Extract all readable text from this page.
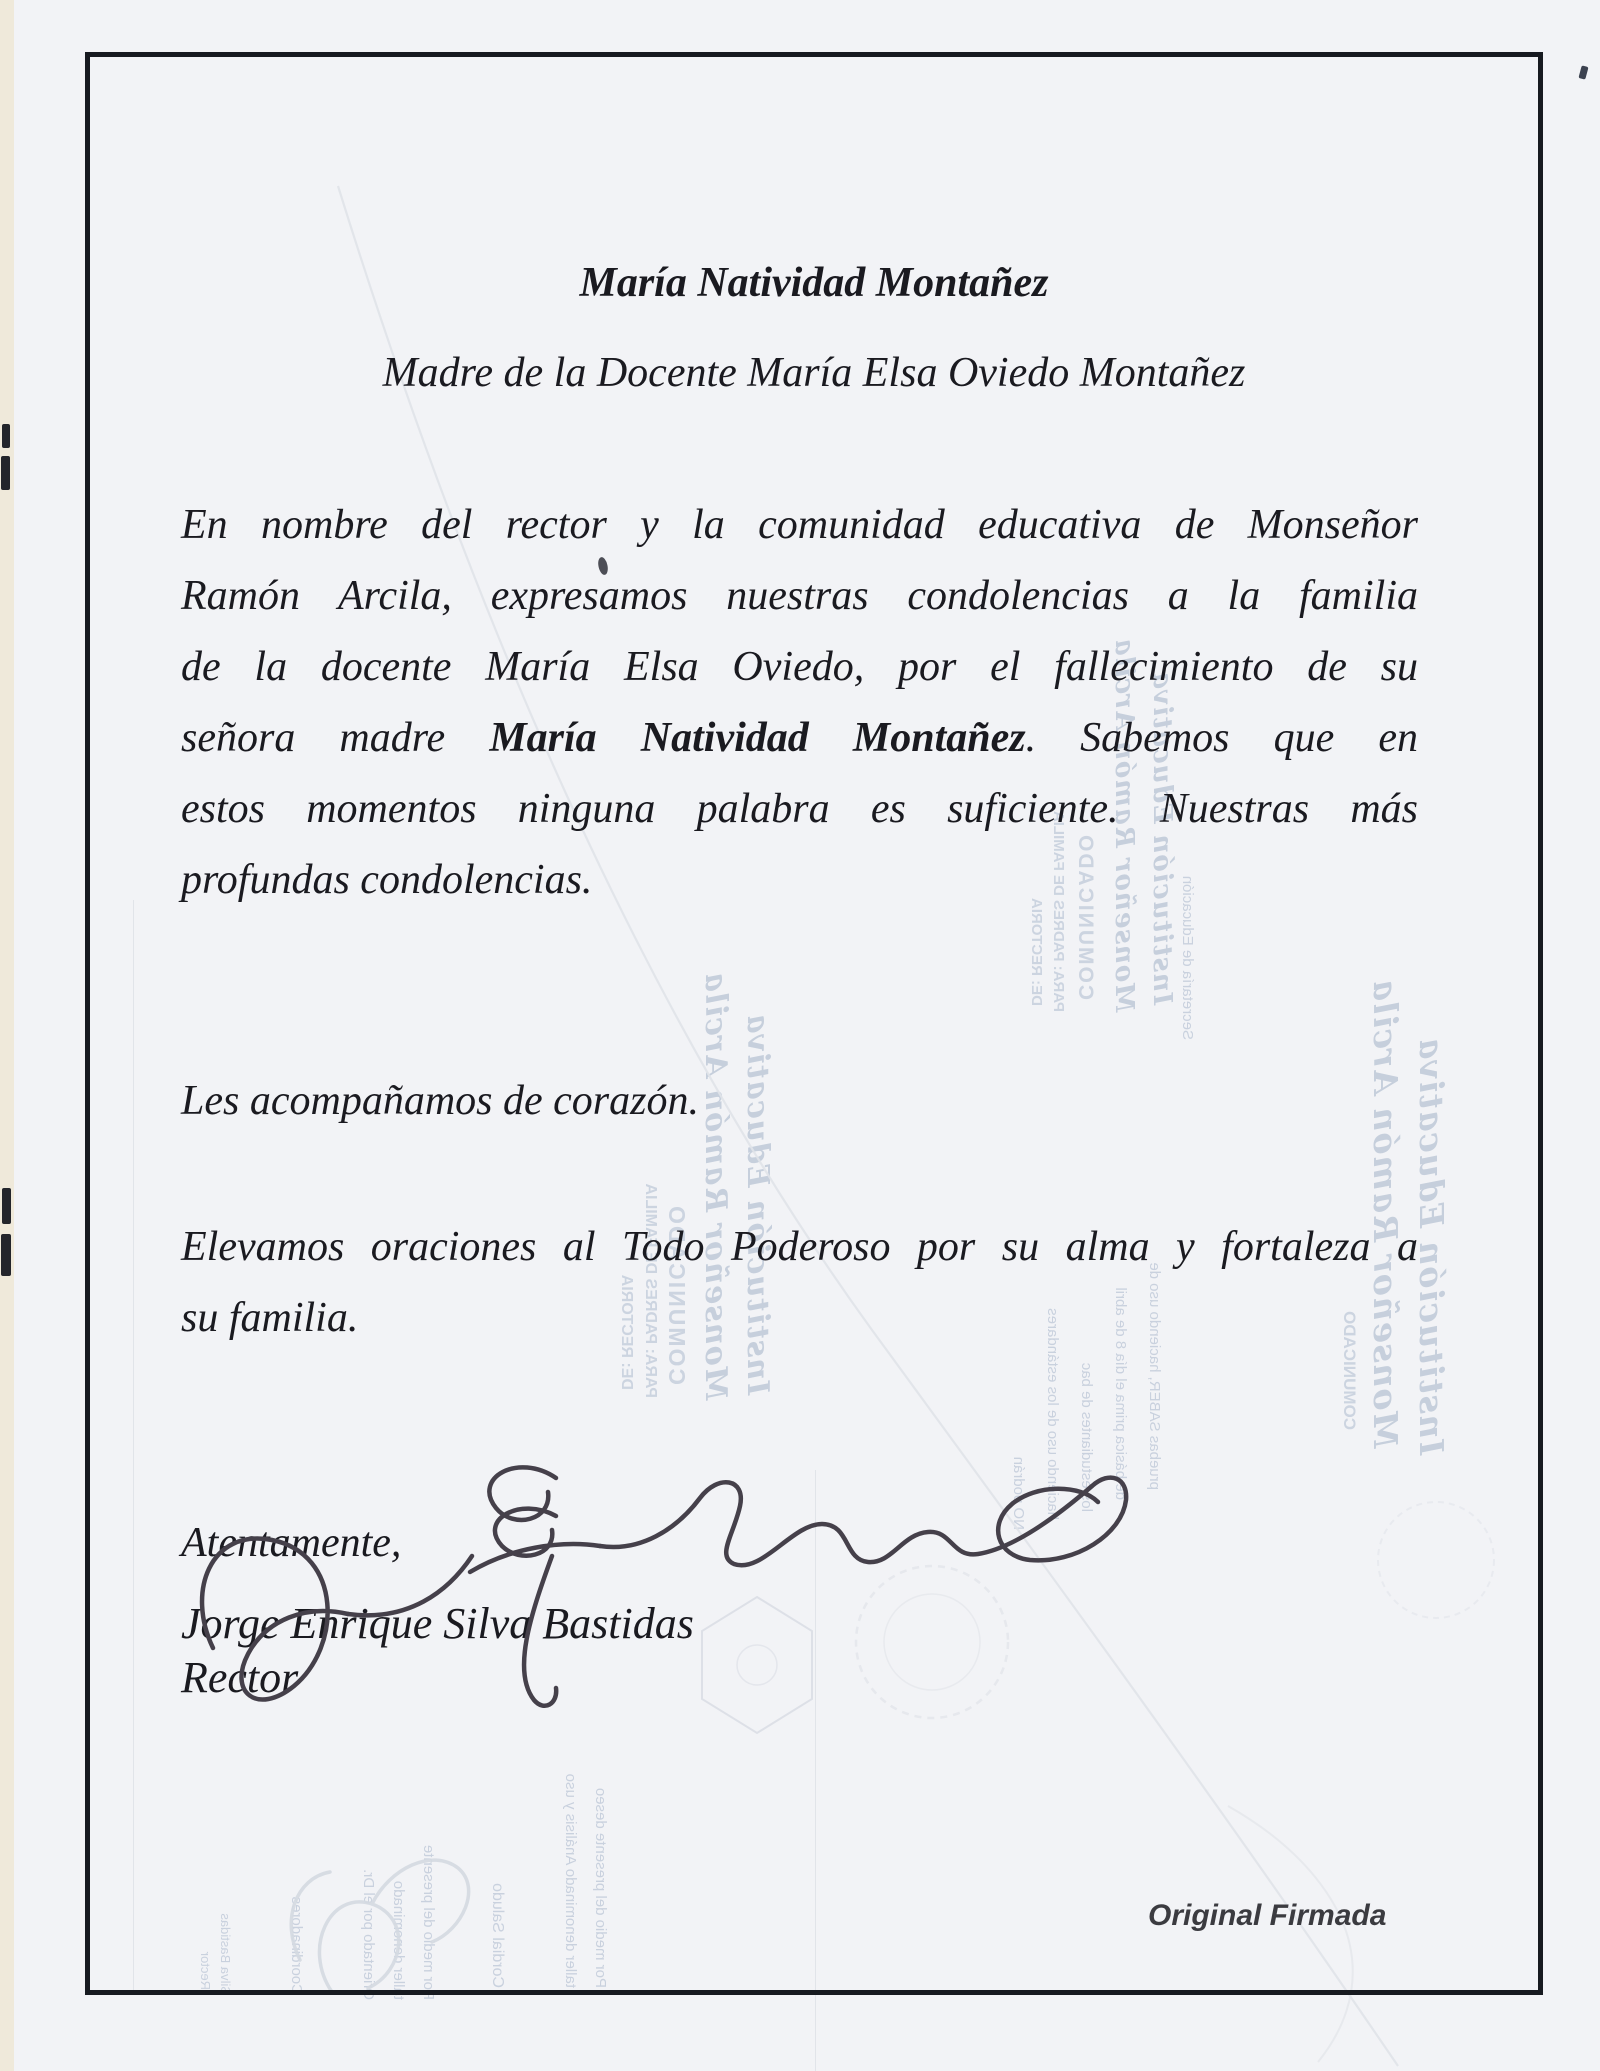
Institución Educativa
Monseñor Ramón Arcila
COMUNICADO
PARA: PADRES DE FAMILIA
DE: RECTORIA	Secretaría de Educación
pruebas SABER, haciendo uso de
de básica prima el día 8 de abril
los estudiantes de bac
haciendo uso de los estándares
NO podrán
Institución Educativa
Monseñor Ramón Arcila
COMUNICADO
PARA: PADRES DE FAMILIA
DE: RECTORIA	Institución Educativa
Monseñor Ramón Arcila
COMUNICADO
Cordial Saludo
Por medio del presente
taller denominado
Orientado por el Dr.
Coordinadores
Silva Bastidas
Rector	Por medio del presente deseo
taller denominado Análisis y uso
María Natividad Montañez
Madre de la Docente María Elsa Oviedo Montañez
En nombre del rector y la comunidad educativa de Monseñor
Ramón Arcila, expresamos nuestras condolencias a la familia
de la docente María Elsa Oviedo, por el fallecimiento de su
señora madre María Natividad Montañez. Sabemos que en
estos momentos ninguna palabra es suficiente. Nuestras más
profundas condolencias.
Les acompañamos de corazón.
Elevamos oraciones al Todo Poderoso por su alma y fortaleza a
su familia.
Atentamente,
Jorge Enrique Silva Bastidas
Rector
Original Firmada
